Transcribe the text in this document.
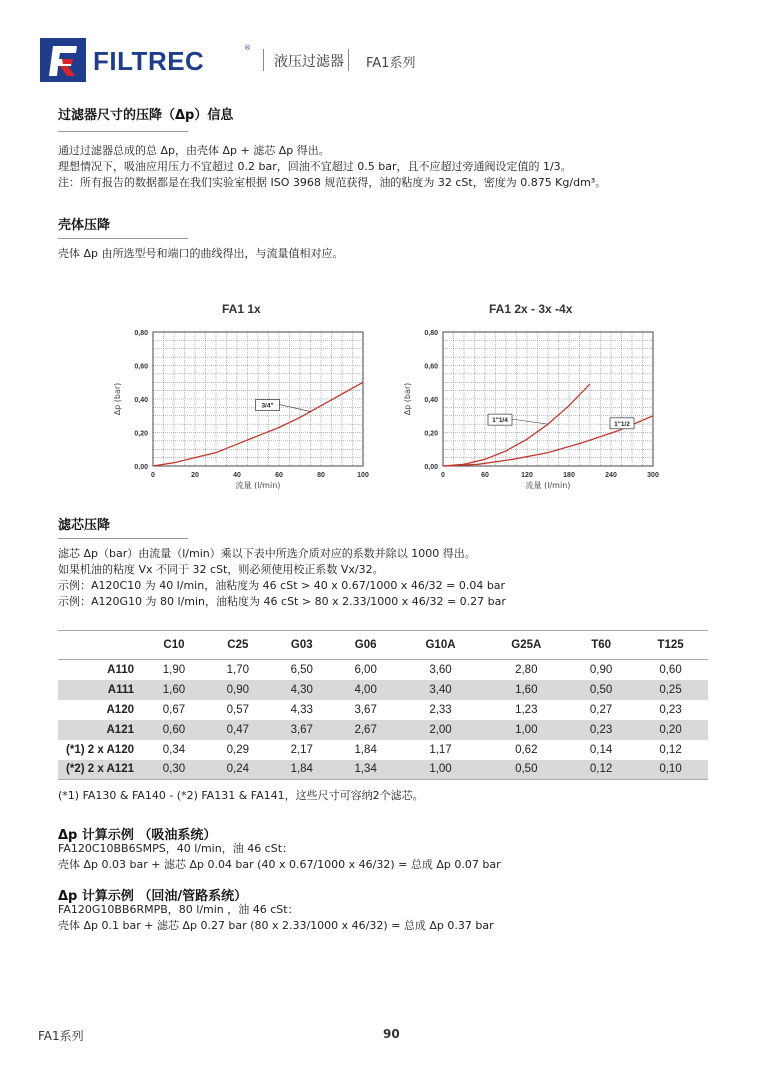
FILTREC	®
液压过滤器 FA1系列
过滤器尺寸的压降（Δp）信息
通过过滤器总成的总 Δp，由壳体 Δp + 滤芯 Δp 得出。
理想情况下，吸油应用压力不宜超过 0.2 bar，回油不宜超过 0.5 bar，且不应超过旁通阀设定值的 1/3。
注：所有报告的数据都是在我们实验室根据 ISO 3968 规范获得，油的粘度为 32 cSt，密度为 0.875 Kg/dm³。
壳体压降
壳体 Δp 由所选型号和端口的曲线得出，与流量值相对应。
FA1 1x	FA1 2x - 3x -4x
0,00
0,20
0,40
0,60
0,80
0	20	40	60	80	100
流量 (l/min)
Δp (bar)	3/4"
0,00
0,20
0,40
0,60
0,80
0	60	120	180	240	300
流量 (l/min)
Δp (bar)
1"1/4
1"1/2
滤芯压降
滤芯 Δp（bar）由流量（l/min）乘以下表中所选介质对应的系数并除以 1000 得出。
如果机油的粘度 Vx 不同于 32 cSt，则必须使用校正系数 Vx/32。
示例：A120C10 为 40 l/min，油粘度为 46 cSt > 40 x 0.67/1000 x 46/32 = 0.04 bar
示例：A120G10 为 80 l/min，油粘度为 46 cSt > 80 x 2.33/1000 x 46/32 = 0.27 bar
	C10	C25	G03	G06	G10A	G25A	T60	T125
A110	1,90	1,70	6,50	6,00	3,60	2,80	0,90	0,60
A111	1,60	0,90	4,30	4,00	3,40	1,60	0,50	0,25
A120	0,67	0,57	4,33	3,67	2,33	1,23	0,27	0,23
A121	0,60	0,47	3,67	2,67	2,00	1,00	0,23	0,20
(*1) 2 x A120	0,34	0,29	2,17	1,84	1,17	0,62	0,14	0,12
(*2) 2 x A121	0,30	0,24	1,84	1,34	1,00	0,50	0,12	0,10
(*1) FA130 & FA140 - (*2) FA131 & FA141，这些尺寸可容纳2个滤芯。
Δp 计算示例 （吸油系统）
FA120C10BB6SMPS，40 l/min，油 46 cSt：
壳体 Δp 0.03 bar + 滤芯 Δp 0.04 bar (40 x 0.67/1000 x 46/32) = 总成 Δp 0.07 bar
Δp 计算示例 （回油/管路系统）
FA120G10BB6RMPB，80 l/min ，油 46 cSt：
壳体 Δp 0.1 bar + 滤芯 Δp 0.27 bar (80 x 2.33/1000 x 46/32) = 总成 Δp 0.37 bar
FA1系列	90
